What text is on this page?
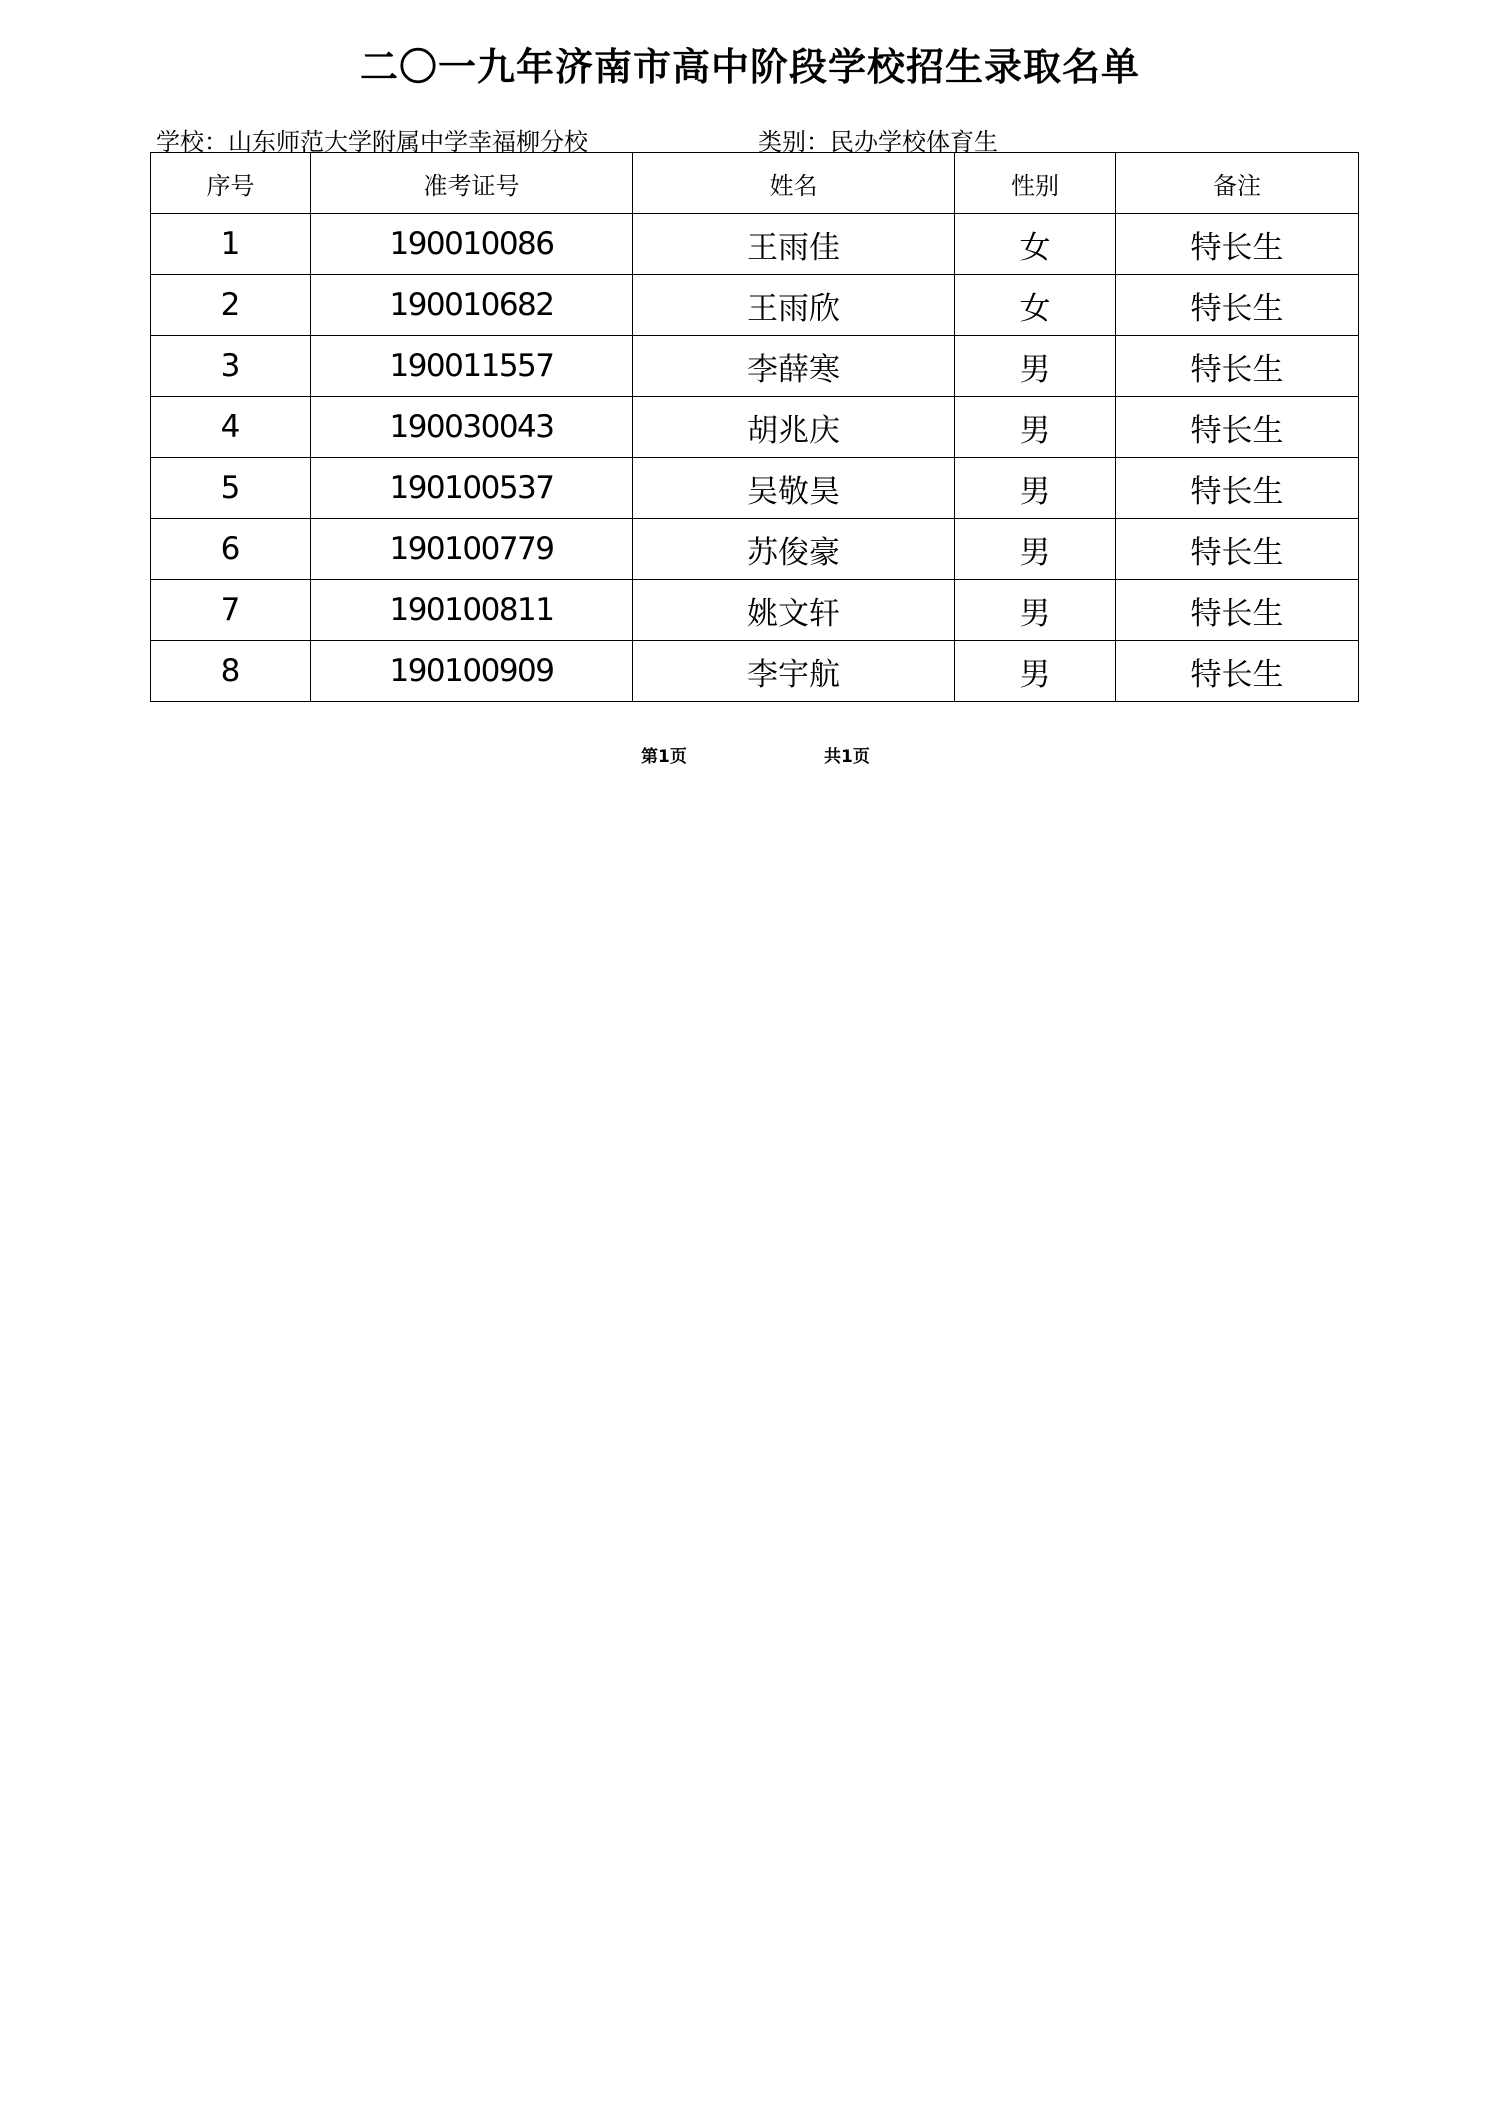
二〇一九年济南市高中阶段学校招生录取名单
学校：山东师范大学附属中学幸福柳分校	类别：民办学校体育生
序号	准考证号	姓名	性别	备注
1	190010086	王雨佳	女	特长生
2	190010682	王雨欣	女	特长生
3	190011557	李薛寒	男	特长生
4	190030043	胡兆庆	男	特长生
5	190100537	吴敬昊	男	特长生
6	190100779	苏俊豪	男	特长生
7	190100811	姚文轩	男	特长生
8	190100909	李宇航	男	特长生
第1页	共1页
